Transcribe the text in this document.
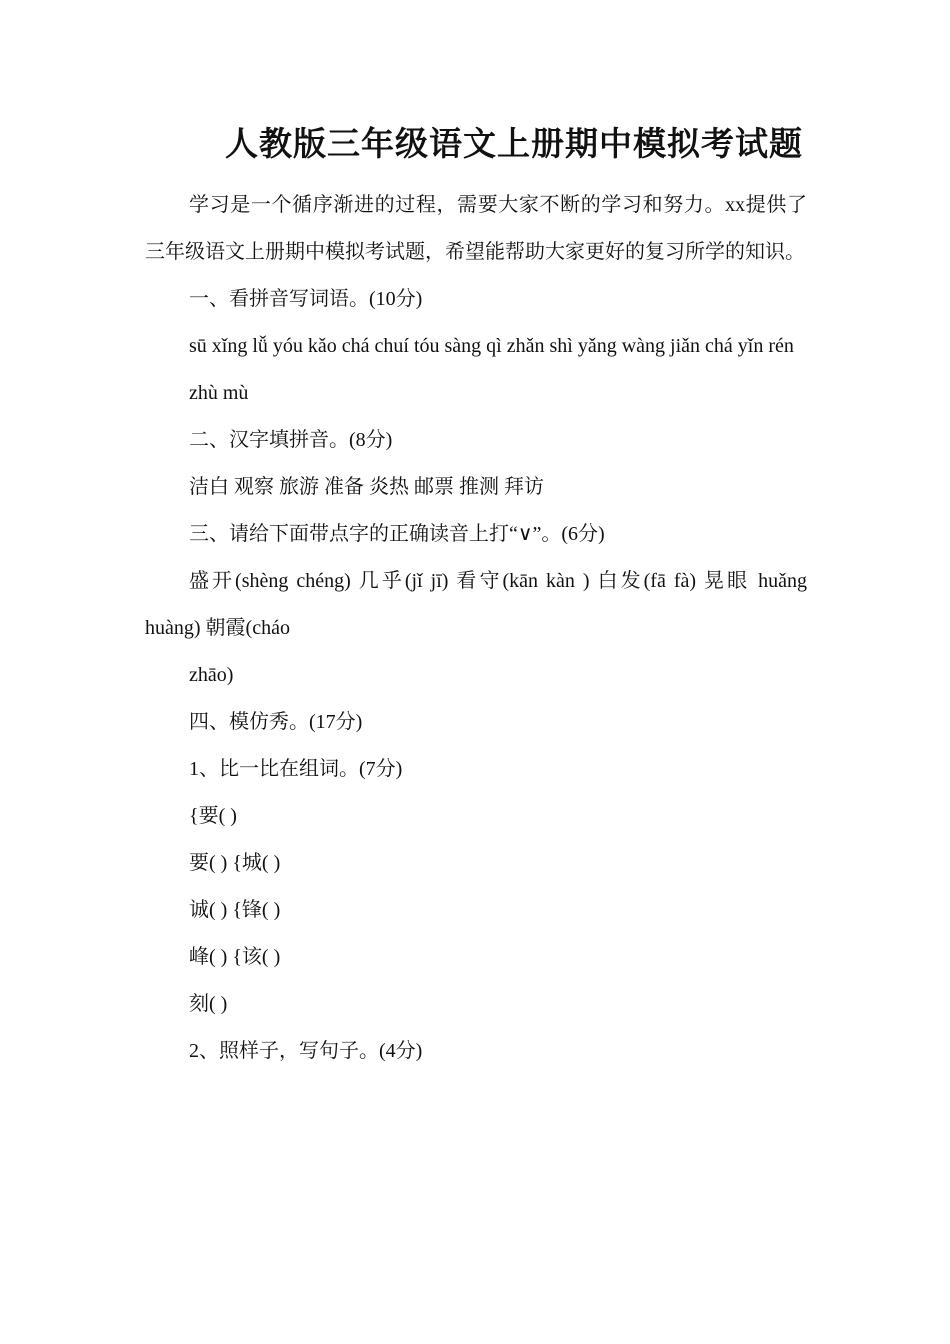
人教版三年级语文上册期中模拟考试题

学习是一个循序渐进的过程，需要大家不断的学习和努力。xx提供了三年级语文上册期中模拟考试题，希望能帮助大家更好的复习所学的知识。

一、看拼音写词语。(10分)

sū xǐng lǚ yóu kǎo chá chuí tóu sàng qì zhǎn shì yǎng wàng jiǎn chá yǐn rén

zhù mù

二、汉字填拼音。(8分)

洁白 观察 旅游 准备 炎热 邮票 推测 拜访

三、请给下面带点字的正确读音上打“∨”。(6分)

盛开(shèng chéng) 几乎(jǐ jī) 看守(kān kàn ) 白发(fā fà) 晃眼 huǎng huàng) 朝霞(cháo

zhāo)

四、模仿秀。(17分)

1、比一比在组词。(7分)

{要( )

要( ) {城( )

诚( ) {锋( )

峰( ) {该( )

刻( )

2、照样子，写句子。(4分)
